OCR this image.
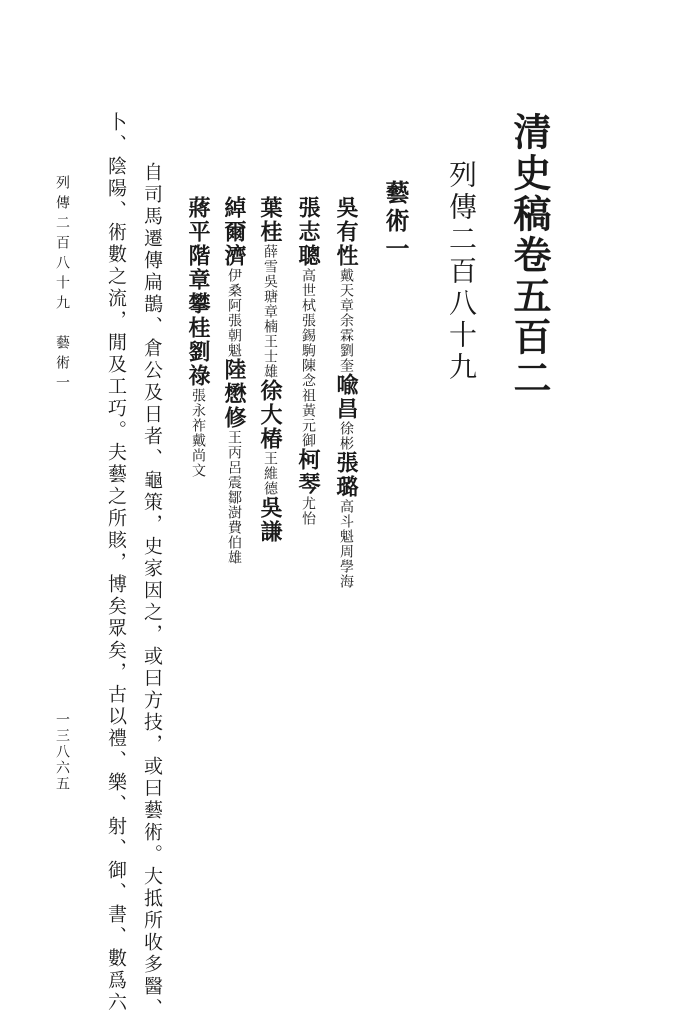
清史稿卷五百二
列傳二百八十九
藝術一
吳有性戴天章余霖劉奎喩昌徐彬張璐高斗魁周學海
張志聰高世栻張錫駒陳念祖黃元御柯琴尤怡
葉桂薛雪吳瑭章楠王士雄徐大椿王維德吳謙
綽爾濟伊桑阿張朝魁陸懋修王丙呂震鄒澍費伯雄
蔣平階章攀桂劉祿張永祚戴尚文
自司馬遷傳扁鵲、倉公及日者、龜策，史家因之，或曰方技，或曰藝術。大抵所收多醫、
卜、陰陽、術數之流，閒及工巧。夫藝之所賅，博矣眾矣，古以禮、樂、射、御、書、數爲六
列傳二百八十九　藝術一
一三八六五
